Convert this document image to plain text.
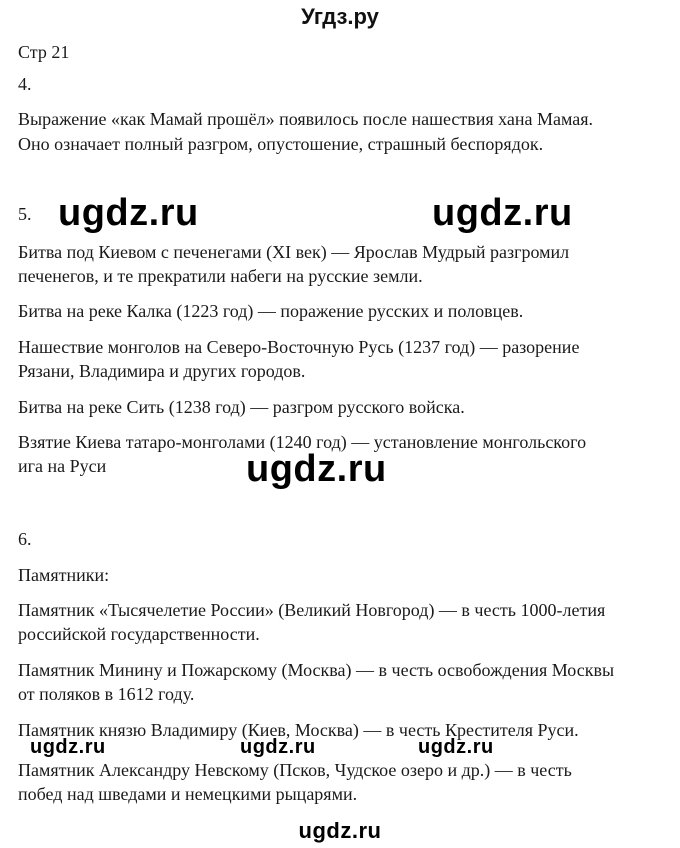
Угдз.ру
Стр 21
4.
Выражение «как Мамай прошёл» появилось после нашествия хана Мамая.
Оно означает полный разгром, опустошение, страшный беспорядок.
5. ugdz.ru	ugdz.ru
Битва под Киевом с печенегами (XI век) — Ярослав Мудрый разгромил
печенегов, и те прекратили набеги на русские земли.
Битва на реке Калка (1223 год) — поражение русских и половцев.
Нашествие монголов на Северо-Восточную Русь (1237 год) — разорение
Рязани, Владимира и других городов.
Битва на реке Сить (1238 год) — разгром русского войска.
Взятие Киева татаро-монголами (1240 год) — установление монгольского
ига на Руси	ugdz.ru
6.
Памятники:
Памятник «Тысячелетие России» (Великий Новгород) — в честь 1000-летия
российской государственности.
Памятник Минину и Пожарскому (Москва) — в честь освобождения Москвы
от поляков в 1612 году.
Памятник князю Владимиру (Киев, Москва) — в честь Крестителя Руси.
ugdz.ru	ugdz.ru	ugdz.ru
Памятник Александру Невскому (Псков, Чудское озеро и др.) — в честь
побед над шведами и немецкими рыцарями.
ugdz.ru
